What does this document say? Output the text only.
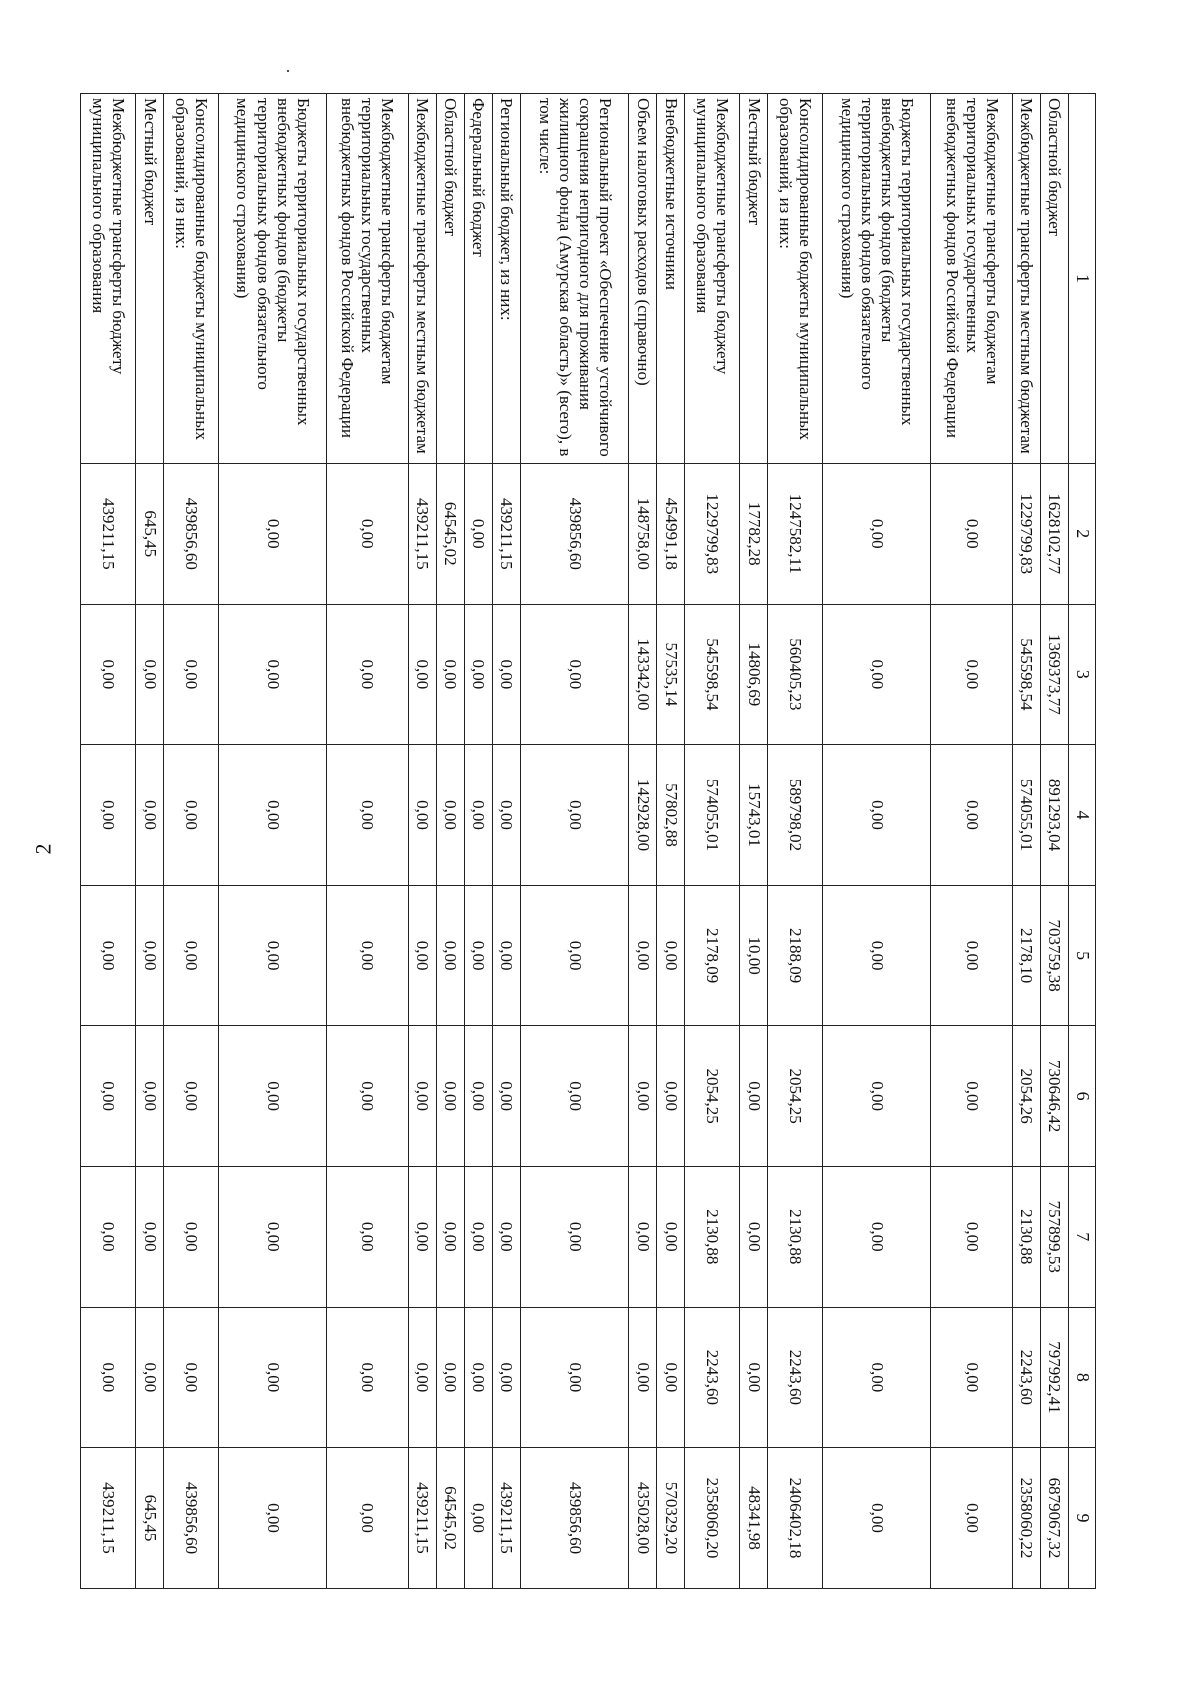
2
1	2	3	4	5	6	7	8	9
Областной бюджет	1628102,77	1369373,77	891293,04	703759,38	730646,42	757899,53	797992,41	6879067,32
Межбюджетные трансферты местным бюджетам	1229799,83	545598,54	574055,01	2178,10	2054,26	2130,88	2243,60	2358060,22
Межбюджетные трансферты бюджетам территориальных государственных внебюджетных фондов Российской Федерации	0,00	0,00	0,00	0,00	0,00	0,00	0,00	0,00
Бюджеты территориальных государственных внебюджетных фондов (бюджеты территориальных фондов обязательного медицинского страхования)	0,00	0,00	0,00	0,00	0,00	0,00	0,00	0,00
Консолидированные бюджеты муниципальных образований, из них:	1247582,11	560405,23	589798,02	2188,09	2054,25	2130,88	2243,60	2406402,18
Местный бюджет	17782,28	14806,69	15743,01	10,00	0,00	0,00	0,00	48341,98
Межбюджетные трансферты бюджету муниципального образования	1229799,83	545598,54	574055,01	2178,09	2054,25	2130,88	2243,60	2358060,20
Внебюджетные источники	454991,18	57535,14	57802,88	0,00	0,00	0,00	0,00	570329,20
Объем налоговых расходов (справочно)	148758,00	143342,00	142928,00	0,00	0,00	0,00	0,00	435028,00
Региональный проект «Обеспечение устойчивого сокращения непригодного для проживания жилищного фонда (Амурская область)» (всего), в том числе:	439856,60	0,00	0,00	0,00	0,00	0,00	0,00	439856,60
Региональный бюджет, из них:	439211,15	0,00	0,00	0,00	0,00	0,00	0,00	439211,15
Федеральный бюджет	0,00	0,00	0,00	0,00	0,00	0,00	0,00	0,00
Областной бюджет	64545,02	0,00	0,00	0,00	0,00	0,00	0,00	64545,02
Межбюджетные трансферты местным бюджетам	439211,15	0,00	0,00	0,00	0,00	0,00	0,00	439211,15
Межбюджетные трансферты бюджетам территориальных государственных внебюджетных фондов Российской Федерации	0,00	0,00	0,00	0,00	0,00	0,00	0,00	0,00
Бюджеты территориальных государственных внебюджетных фондов (бюджеты территориальных фондов обязательного медицинского страхования)	0,00	0,00	0,00	0,00	0,00	0,00	0,00	0,00
Консолидированные бюджеты муниципальных образований, из них:	439856,60	0,00	0,00	0,00	0,00	0,00	0,00	439856,60
Местный бюджет	645,45	0,00	0,00	0,00	0,00	0,00	0,00	645,45
Межбюджетные трансферты бюджету муниципального образования	439211,15	0,00	0,00	0,00	0,00	0,00	0,00	439211,15
